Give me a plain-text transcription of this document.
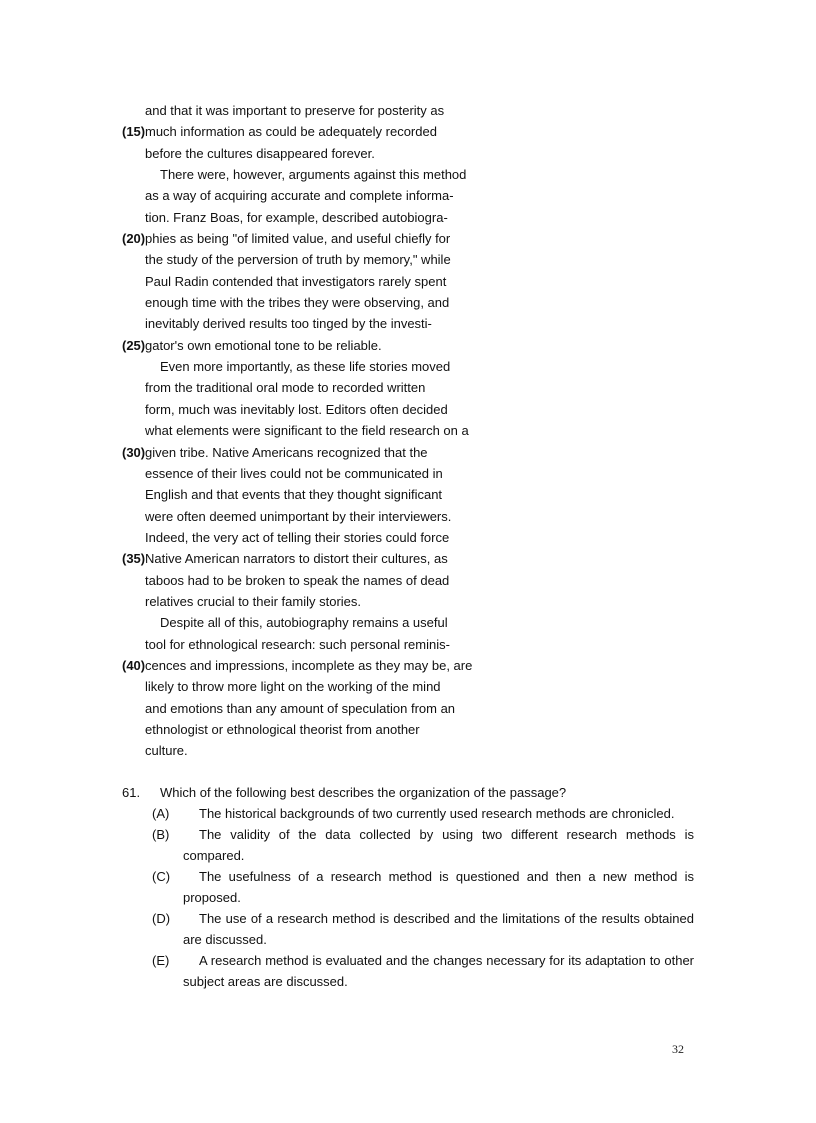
and that it was important to preserve for posterity as
(15) much information as could be adequately recorded
before the cultures disappeared forever.
There were, however, arguments against this method
as a way of acquiring accurate and complete informa-
tion. Franz Boas, for example, described autobiogra-
(20) phies as being "of limited value, and useful chiefly for
the study of the perversion of truth by memory," while
Paul Radin contended that investigators rarely spent
enough time with the tribes they were observing, and
inevitably derived results too tinged by the investi-
(25) gator's own emotional tone to be reliable.
Even more importantly, as these life stories moved
from the traditional oral mode to recorded written
form, much was inevitably lost. Editors often decided
what elements were significant to the field research on a
(30) given tribe. Native Americans recognized that the
essence of their lives could not be communicated in
English and that events that they thought significant
were often deemed unimportant by their interviewers.
Indeed, the very act of telling their stories could force
(35) Native American narrators to distort their cultures, as
taboos had to be broken to speak the names of dead
relatives crucial to their family stories.
Despite all of this, autobiography remains a useful
tool for ethnological research: such personal reminis-
(40) cences and impressions, incomplete as they may be, are
likely to throw more light on the working of the mind
and emotions than any amount of speculation from an
ethnologist or ethnological theorist from another
culture.
61. Which of the following best describes the organization of the passage?
(A)	The historical backgrounds of two currently used research methods are chronicled.
(B)	The validity of the data collected by using two different research methods is compared.
(C)	The usefulness of a research method is questioned and then a new method is proposed.
(D)	The use of a research method is described and the limitations of the results obtained are discussed.
(E)	A research method is evaluated and the changes necessary for its adaptation to other subject areas are discussed.
32
